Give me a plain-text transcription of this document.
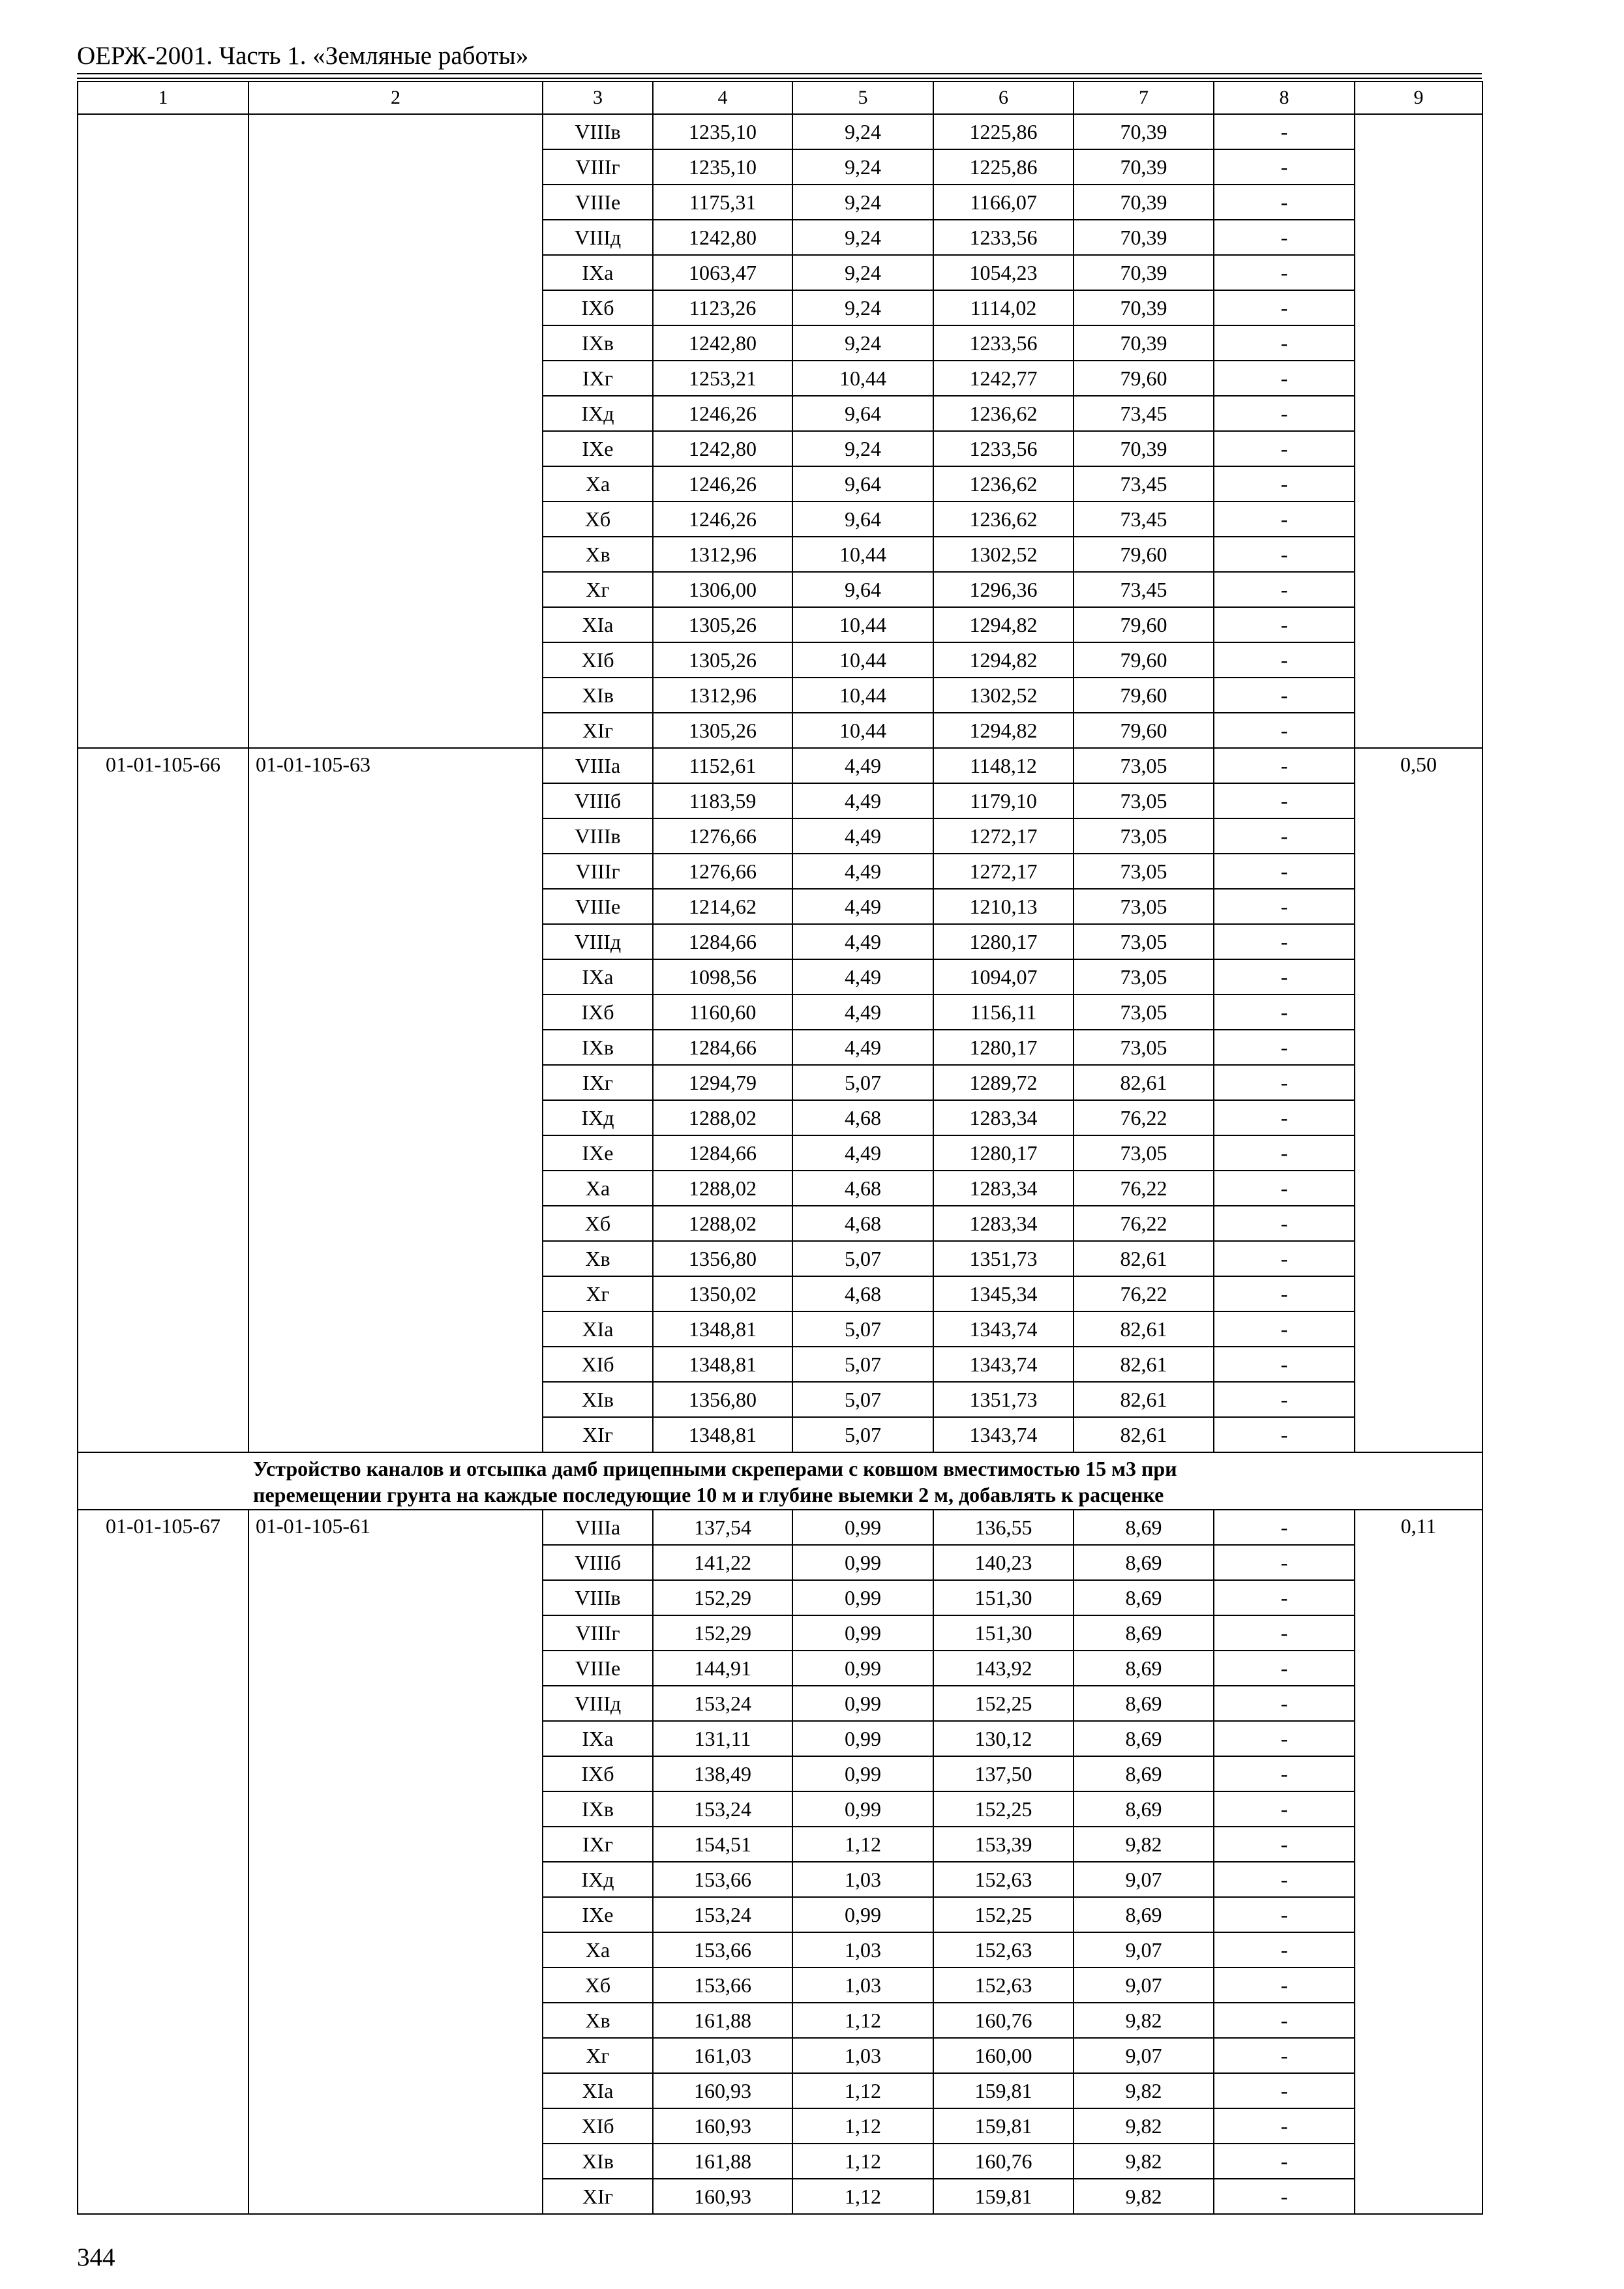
ОЕРЖ-2001. Часть 1. «Земляные работы»
1	2	3	4	5	6	7	8	9
		VIIIв	1235,10	9,24	1225,86	70,39	-	
		VIIIг	1235,10	9,24	1225,86	70,39	-	
		VIIIе	1175,31	9,24	1166,07	70,39	-	
		VIIIд	1242,80	9,24	1233,56	70,39	-	
		IXа	1063,47	9,24	1054,23	70,39	-	
		IXб	1123,26	9,24	1114,02	70,39	-	
		IXв	1242,80	9,24	1233,56	70,39	-	
		IXг	1253,21	10,44	1242,77	79,60	-	
		IXд	1246,26	9,64	1236,62	73,45	-	
		IXе	1242,80	9,24	1233,56	70,39	-	
		Xа	1246,26	9,64	1236,62	73,45	-	
		Xб	1246,26	9,64	1236,62	73,45	-	
		Xв	1312,96	10,44	1302,52	79,60	-	
		Xг	1306,00	9,64	1296,36	73,45	-	
		XIа	1305,26	10,44	1294,82	79,60	-	
		XIб	1305,26	10,44	1294,82	79,60	-	
		XIв	1312,96	10,44	1302,52	79,60	-	
		XIг	1305,26	10,44	1294,82	79,60	-	
01-01-105-66	01-01-105-63	VIIIа	1152,61	4,49	1148,12	73,05	-	0,50
		VIIIб	1183,59	4,49	1179,10	73,05	-	
		VIIIв	1276,66	4,49	1272,17	73,05	-	
		VIIIг	1276,66	4,49	1272,17	73,05	-	
		VIIIе	1214,62	4,49	1210,13	73,05	-	
		VIIIд	1284,66	4,49	1280,17	73,05	-	
		IXа	1098,56	4,49	1094,07	73,05	-	
		IXб	1160,60	4,49	1156,11	73,05	-	
		IXв	1284,66	4,49	1280,17	73,05	-	
		IXг	1294,79	5,07	1289,72	82,61	-	
		IXд	1288,02	4,68	1283,34	76,22	-	
		IXе	1284,66	4,49	1280,17	73,05	-	
		Xа	1288,02	4,68	1283,34	76,22	-	
		Xб	1288,02	4,68	1283,34	76,22	-	
		Xв	1356,80	5,07	1351,73	82,61	-	
		Xг	1350,02	4,68	1345,34	76,22	-	
		XIа	1348,81	5,07	1343,74	82,61	-	
		XIб	1348,81	5,07	1343,74	82,61	-	
		XIв	1356,80	5,07	1351,73	82,61	-	
		XIг	1348,81	5,07	1343,74	82,61	-	

Устройство каналов и отсыпка дамб прицепными скреперами с ковшом вместимостью 15 м3 при
перемещении грунта на каждые последующие 10 м и глубине выемки 2 м, добавлять к расценке								

01-01-105-67	01-01-105-61	VIIIа	137,54	0,99	136,55	8,69	-	0,11
		VIIIб	141,22	0,99	140,23	8,69	-	
		VIIIв	152,29	0,99	151,30	8,69	-	
		VIIIг	152,29	0,99	151,30	8,69	-	
		VIIIе	144,91	0,99	143,92	8,69	-	
		VIIIд	153,24	0,99	152,25	8,69	-	
		IXа	131,11	0,99	130,12	8,69	-	
		IXб	138,49	0,99	137,50	8,69	-	
		IXв	153,24	0,99	152,25	8,69	-	
		IXг	154,51	1,12	153,39	9,82	-	
		IXд	153,66	1,03	152,63	9,07	-	
		IXе	153,24	0,99	152,25	8,69	-	
		Xа	153,66	1,03	152,63	9,07	-	
		Xб	153,66	1,03	152,63	9,07	-	
		Xв	161,88	1,12	160,76	9,82	-	
		Xг	161,03	1,03	160,00	9,07	-	
		XIа	160,93	1,12	159,81	9,82	-	
		XIб	160,93	1,12	159,81	9,82	-	
		XIв	161,88	1,12	160,76	9,82	-	
		XIг	160,93	1,12	159,81	9,82	-	
344
